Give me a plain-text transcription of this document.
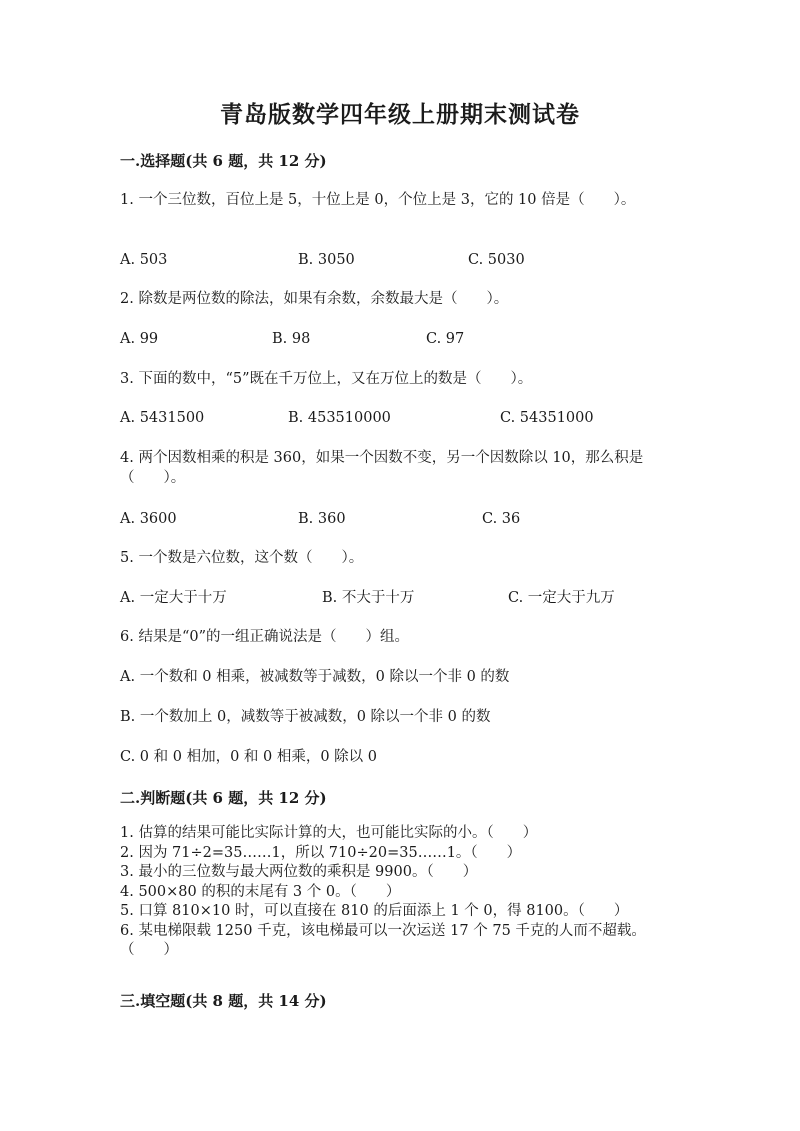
青岛版数学四年级上册期末测试卷
一.选择题(共 6 题，共 12 分)
1. 一个三位数，百位上是 5，十位上是 0，个位上是 3，它的 10 倍是（　　）。
A. 503	B. 3050	C. 5030
2. 除数是两位数的除法，如果有余数，余数最大是（　　）。
A. 99	B. 98	C. 97
3. 下面的数中，“5”既在千万位上，又在万位上的数是（　　）。
A. 5431500	B. 453510000	C. 54351000
4. 两个因数相乘的积是 360，如果一个因数不变，另一个因数除以 10，那么积是（　　）。
A. 3600	B. 360	C. 36
5. 一个数是六位数，这个数（　　）。
A. 一定大于十万	B. 不大于十万	C. 一定大于九万
6. 结果是“0”的一组正确说法是（　　）组。
A. 一个数和 0 相乘，被减数等于减数，0 除以一个非 0 的数
B. 一个数加上 0，减数等于被减数，0 除以一个非 0 的数
C. 0 和 0 相加，0 和 0 相乘，0 除以 0
二.判断题(共 6 题，共 12 分)

1. 估算的结果可能比实际计算的大，也可能比实际的小。（　　）

2. 因为 71÷2=35……1，所以 710÷20=35……1。（　　）

3. 最小的三位数与最大两位数的乘积是 9900。（　　）

4. 500×80 的积的末尾有 3 个 0。（　　）

5. 口算 810×10 时，可以直接在 810 的后面添上 1 个 0，得 8100。（　　）

6. 某电梯限载 1250 千克，该电梯最可以一次运送 17 个 75 千克的人而不超载。（　　）

三.填空题(共 8 题，共 14 分)
